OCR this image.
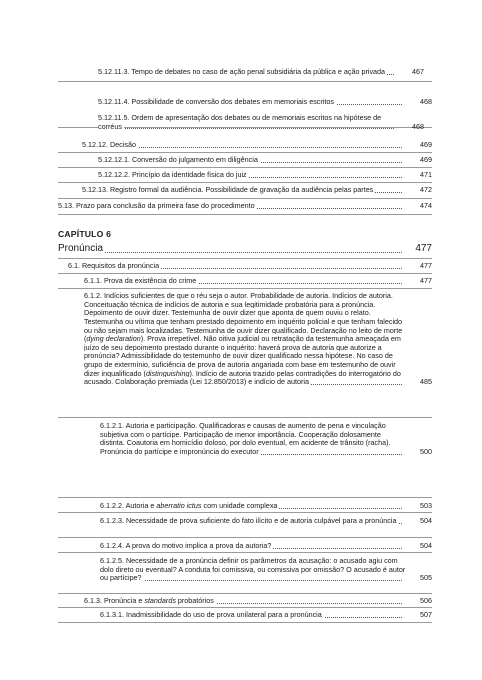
CAPÍTULO 6
5.12.11.3. Tempo de debates no caso de ação penal subsidiária da pública e ação privada	467
5.12.11.4. Possibilidade de conversão dos debates em memoriais escritos	468
5.12.11.5. Ordem de apresentação dos debates ou de memoriais escritos na hipótese de corréus	468
5.12.12. Decisão	469
5.12.12.1. Conversão do julgamento em diligência	469
5.12.12.2. Princípio da identidade física do juiz	471
5.12.13. Registro formal da audiência. Possibilidade de gravação da audiência pelas partes	472
5.13. Prazo para conclusão da primeira fase do procedimento	474
Pronúncia	477
6.1. Requisitos da pronúncia	477
6.1.1. Prova da existência do crime	477
6.1.2. Indícios suficientes de que o réu seja o autor. Probabilidade de autoria. Indícios de autoria. Conceituação técnica de indícios de autoria e sua legitimidade probatória para a pronúncia. Depoimento de ouvir dizer. Testemunha de ouvir dizer que aponta de quem ouviu o relato. Testemunha ou vítima que tenham prestado depoimento em inquérito policial e que tenham falecido ou não sejam mais localizadas. Testemunha de ouvir dizer qualificado. Declaração no leito de morte (dying declaration). Prova irrepetível. Não oitiva judicial ou retratação da testemunha ameaçada em juízo de seu depoimento prestado durante o inquérito: haverá prova de autoria que autorize a pronúncia? Admissibilidade do testemunho de ouvir dizer qualificado nessa hipótese. No caso de grupo de extermínio, suficiência de prova de autoria angariada com base em testemunho de ouvir dizer inqualificado (distinguishing). Indício de autoria trazido pelas contradições do interrogatório do acusado. Colaboração premiada (Lei 12.850/2013) e indício de autoria	485
6.1.2.1. Autoria e participação. Qualificadoras e causas de aumento de pena e vinculação subjetiva com o partícipe. Participação de menor importância. Cooperação dolosamente distinta. Coautoria em homicídio doloso, por dolo eventual, em acidente de trânsito (racha). Pronúncia do partícipe e impronúncia do executor	500
6.1.2.2. Autoria e aberratio ictus com unidade complexa	503
6.1.2.3. Necessidade de prova suficiente do fato ilícito e de autoria culpável para a pronúncia	504
6.1.2.4. A prova do motivo implica a prova da autoria?	504
6.1.2.5. Necessidade de a pronúncia definir os parâmetros da acusação: o acusado agiu com dolo direto ou eventual? A conduta foi comissiva, ou comissiva por omissão? O acusado é autor ou partícipe?	505
6.1.3. Pronúncia e standards probatórios	506
6.1.3.1. Inadmissibilidade do uso de prova unilateral para a pronúncia	507
